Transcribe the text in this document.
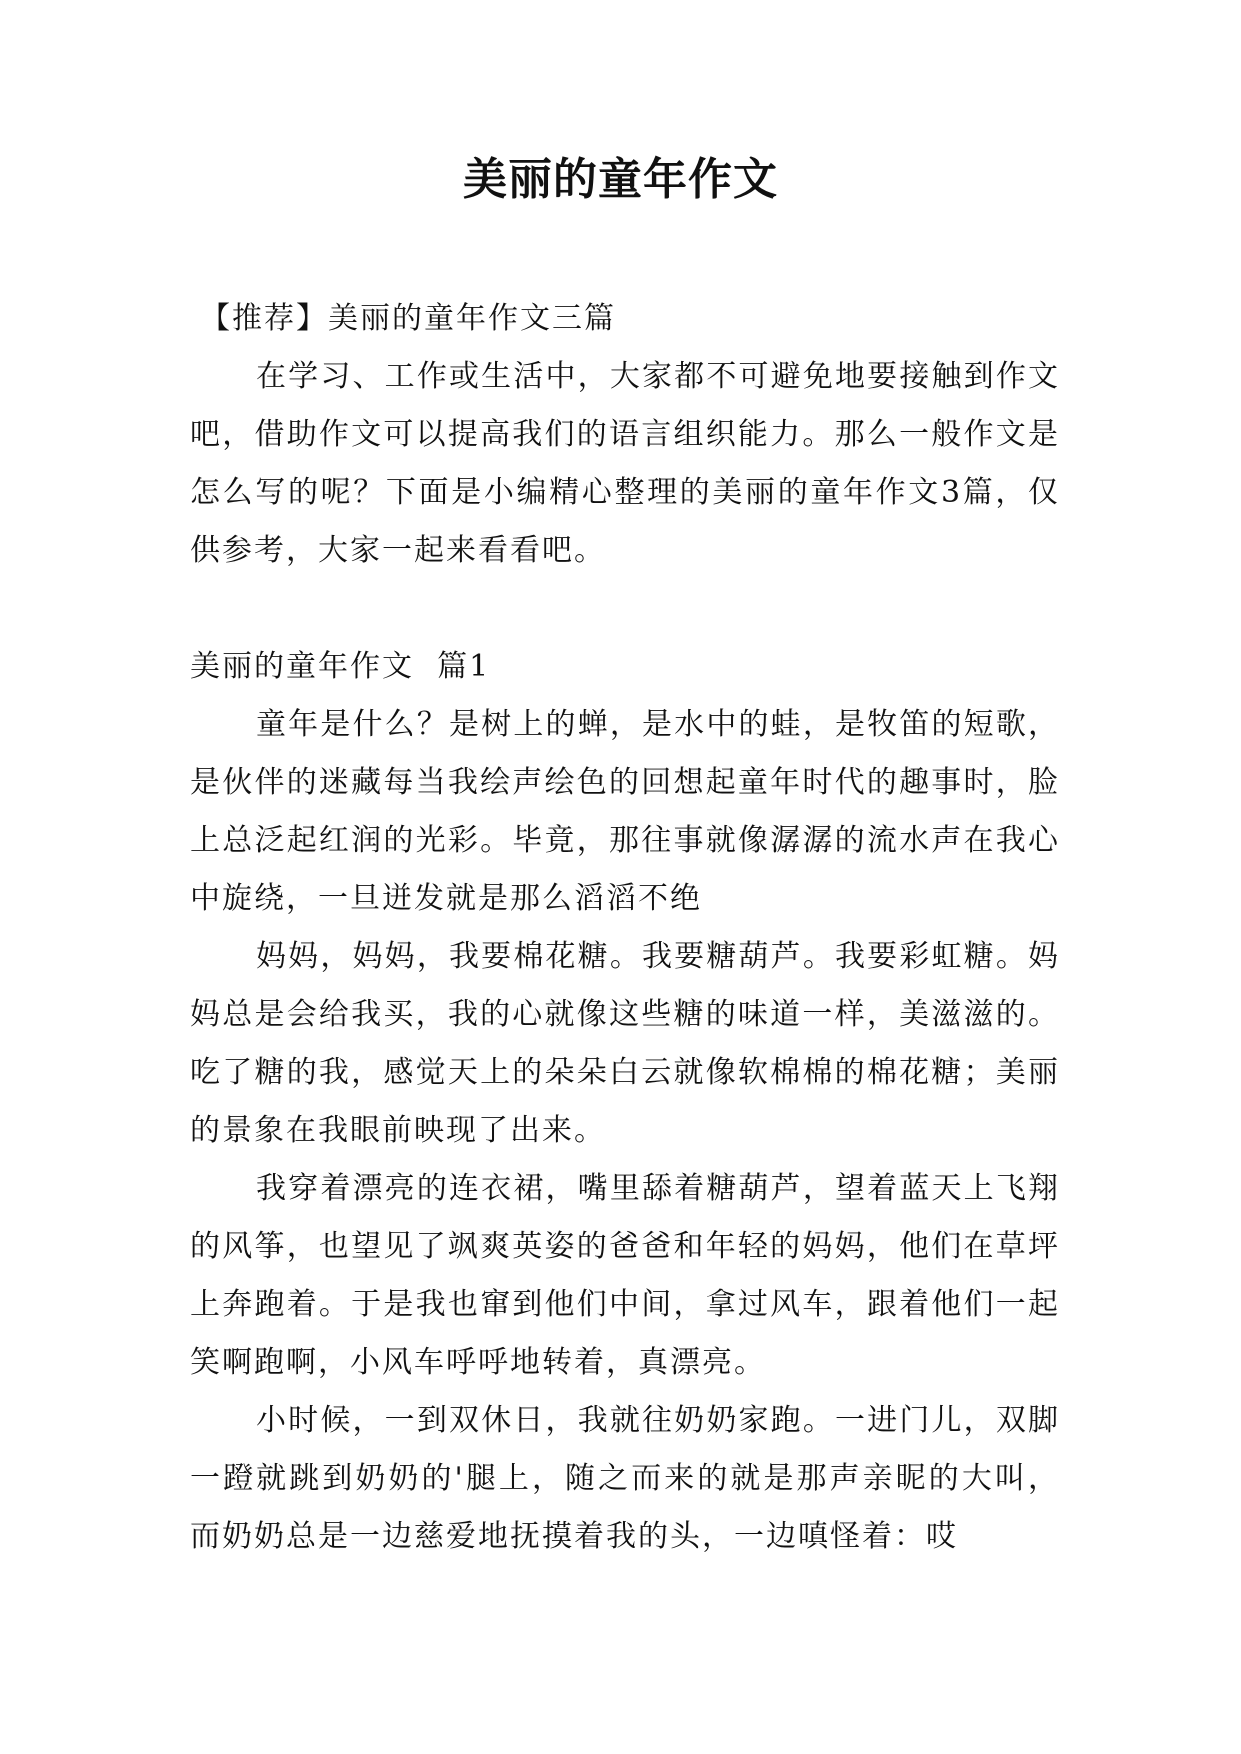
美丽的童年作文

【推荐】美丽的童年作文三篇

在学习、工作或生活中，大家都不可避免地要接触到作文吧，借助作文可以提高我们的语言组织能力。那么一般作文是怎么写的呢？下面是小编精心整理的美丽的童年作文3篇，仅供参考，大家一起来看看吧。

美丽的童年作文  篇1

童年是什么？是树上的蝉，是水中的蛙，是牧笛的短歌，是伙伴的迷藏每当我绘声绘色的回想起童年时代的趣事时，脸上总泛起红润的光彩。毕竟，那往事就像潺潺的流水声在我心中旋绕，一旦迸发就是那么滔滔不绝

妈妈，妈妈，我要棉花糖。我要糖葫芦。我要彩虹糖。妈妈总是会给我买，我的心就像这些糖的味道一样，美滋滋的。吃了糖的我，感觉天上的朵朵白云就像软棉棉的棉花糖；美丽的景象在我眼前映现了出来。

我穿着漂亮的连衣裙，嘴里舔着糖葫芦，望着蓝天上飞翔的风筝，也望见了飒爽英姿的爸爸和年轻的妈妈，他们在草坪上奔跑着。于是我也窜到他们中间，拿过风车，跟着他们一起笑啊跑啊，小风车呼呼地转着，真漂亮。

小时候，一到双休日，我就往奶奶家跑。一进门儿，双脚一蹬就跳到奶奶的'腿上，随之而来的就是那声亲昵的大叫，而奶奶总是一边慈爱地抚摸着我的头，一边嗔怪着：哎
